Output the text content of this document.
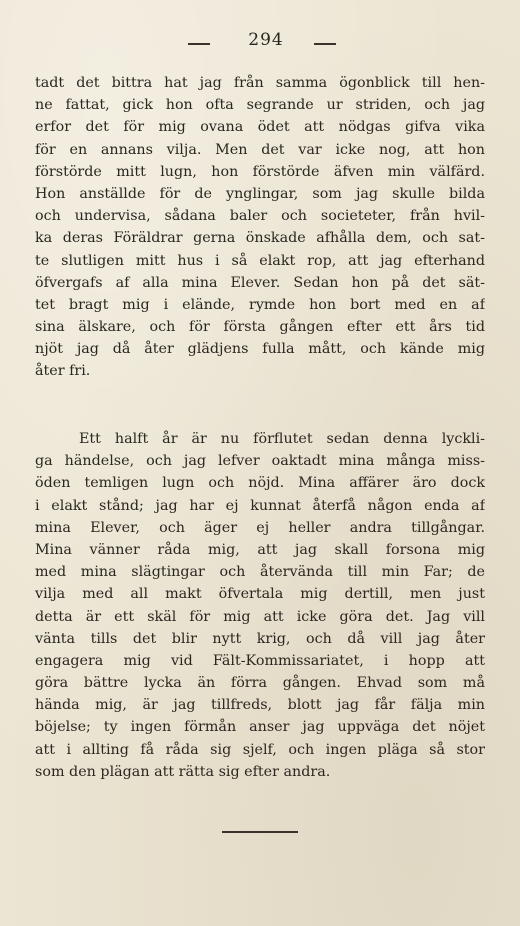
294
tadt det bittra hat jag från samma ögonblick till hen-
ne fattat, gick hon ofta segrande ur striden, och jag
erfor det för mig ovana ödet att nödgas gifva vika
för en annans vilja. Men det var icke nog, att hon
förstörde mitt lugn, hon förstörde äfven min välfärd.
Hon anställde för de ynglingar, som jag skulle bilda
och undervisa, sådana baler och societeter, från hvil-
ka deras Föräldrar gerna önskade afhålla dem, och sat-
te slutligen mitt hus i så elakt rop, att jag efterhand
öfvergafs af alla mina Elever. Sedan hon på det sät-
tet bragt mig i elände, rymde hon bort med en af
sina älskare, och för första gången efter ett års tid
njöt jag då åter glädjens fulla mått, och kände mig
åter fri.
Ett halft år är nu förflutet sedan denna lyckli-
ga händelse, och jag lefver oaktadt mina många miss-
öden temligen lugn och nöjd. Mina affärer äro dock
i elakt stånd; jag har ej kunnat återfå någon enda af
mina Elever, och äger ej heller andra tillgångar.
Mina vänner råda mig, att jag skall forsona mig
med mina slägtingar och återvända till min Far; de
vilja med all makt öfvertala mig dertill, men just
detta är ett skäl för mig att icke göra det. Jag vill
vänta tills det blir nytt krig, och då vill jag åter
engagera mig vid Fält-Kommissariatet, i hopp att
göra bättre lycka än förra gången. Ehvad som må
hända mig, är jag tillfreds, blott jag får fälja min
böjelse; ty ingen förmån anser jag uppväga det nöjet
att i allting få råda sig sjelf, och ingen pläga så stor
som den plägan att rätta sig efter andra.
